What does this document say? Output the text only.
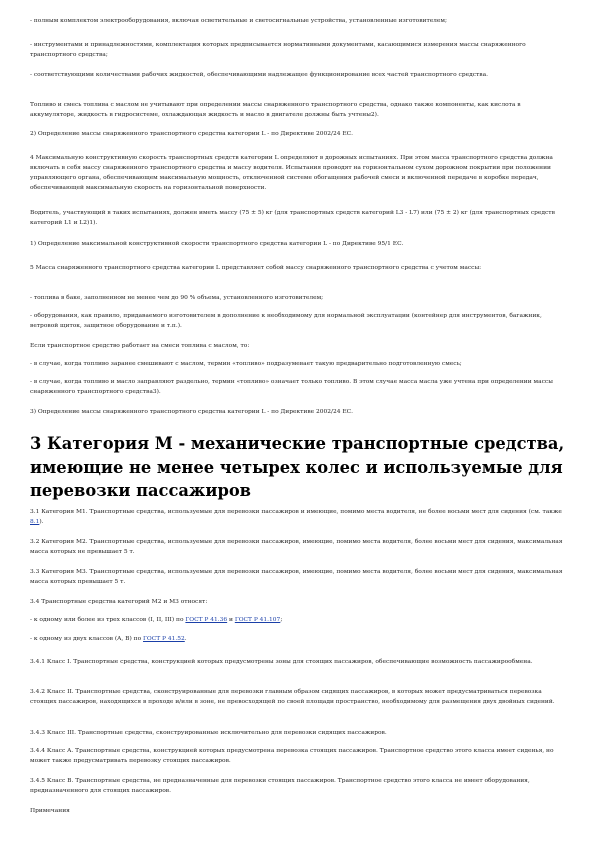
- полным комплектом электрооборудования, включая осветительные и светосигнальные устройства, установленные изготовителем;

- инструментами и принадлежностями, комплектация которых предписывается нормативными документами, касающимися измерения массы снаряженного транспортного средства;

- соответствующими количествами рабочих жидкостей, обеспечивающими надлежащее функционирование всех частей транспортного средства.

Топливо и смесь топлива с маслом не учитывают при определении массы снаряженного транспортного средства, однако также компоненты, как кислота в аккумуляторе, жидкость в гидросистеме, охлаждающая жидкость и масло в двигателе должны быть учтены2).

2) Определение массы снаряженного транспортного средства категории L - по Директиве 2002/24 ЕС.

4 Максимальную конструктивную скорость транспортных средств категории L определяют в дорожных испытаниях. При этом масса транспортного средства должна включать в себя массу снаряженного транспортного средства и массу водителя. Испытания проводят на горизонтальном сухом дорожном покрытии при положении управляющего органа, обеспечивающем максимальную мощность, отключенной системе обогащения рабочей смеси и включенной передаче в коробке передач, обеспечивающей максимальную скорость на горизонтальной поверхности.

Водитель, участвующий в таких испытаниях, должен иметь массу (75 ± 5) кг (для транспортных средств категорий L3 - L7) или (75 ± 2) кг (для транспортных средств категорий L1 и L2)1).

1) Определение максимальной конструктивной скорости транспортного средства категории L - по Директиве 95/1 ЕС.

5 Масса снаряженного транспортного средства категории L представляет собой массу снаряженного транспортного средства с учетом массы:

- топлива в баке, заполненном не менее чем до 90 % объема, установленного изготовителем;

- оборудования, как правило, придаваемого изготовителем в дополнение к необходимому для нормальной эксплуатации (контейнер для инструментов, багажник, ветровой щиток, защитное оборудование и т.п.).

Если транспортное средство работает на смеси топлива с маслом, то:

- в случае, когда топливо заранее смешивают с маслом, термин «топливо» подразумевает такую предварительно подготовленную смесь;

- в случае, когда топливо и масло заправляют раздельно, термин «топливо» означает только топливо. В этом случае масса масла уже учтена при определении массы снаряженного транспортного средства3).

3) Определение массы снаряженного транспортного средства категории L - по Директиве 2002/24 ЕС.

3 Категория M - механические транспортные средства, имеющие не менее четырех колес и используемые для перевозки пассажиров

3.1 Категория M1. Транспортные средства, используемые для перевозки пассажиров и имеющие, помимо места водителя, не более восьми мест для сидения (см. также 8.1).

3.2 Категория M2. Транспортные средства, используемые для перевозки пассажиров, имеющие, помимо места водителя, более восьми мест для сидения, максимальная масса которых не превышает 5 т.

3.3 Категория M3. Транспортные средства, используемые для перевозки пассажиров, имеющие, помимо места водителя, более восьми мест для сидения, максимальная масса которых превышает 5 т.

3.4 Транспортные средства категорий M2 и M3 относят:

- к одному или более из трех классов (I, II, III) по ГОСТ Р 41.36 и ГОСТ Р 41.107;

- к одному из двух классов (A, B) по ГОСТ Р 41.52.

3.4.1 Класс I. Транспортные средства, конструкцией которых предусмотрены зоны для стоящих пассажиров, обеспечивающие возможность пассажирообмена.

3.4.2 Класс II. Транспортные средства, сконструированные для перевозки главным образом сидящих пассажиров, в которых может предусматриваться перевозка стоящих пассажиров, находящихся в проходе и/или в зоне, не превосходящей по своей площади пространство, необходимому для размещения двух двойных сидений.

3.4.3 Класс III. Транспортные средства, сконструированные исключительно для перевозки сидящих пассажиров.

3.4.4 Класс A. Транспортные средства, конструкцией которых предусмотрена перевозка стоящих пассажиров. Транспортное средство этого класса имеет сиденья, но может также предусматривать перевозку стоящих пассажиров.

3.4.5 Класс B. Транспортные средства, не предназначенные для перевозки стоящих пассажиров. Транспортное средство этого класса не имеет оборудования, предназначенного для стоящих пассажиров.

Примечания
